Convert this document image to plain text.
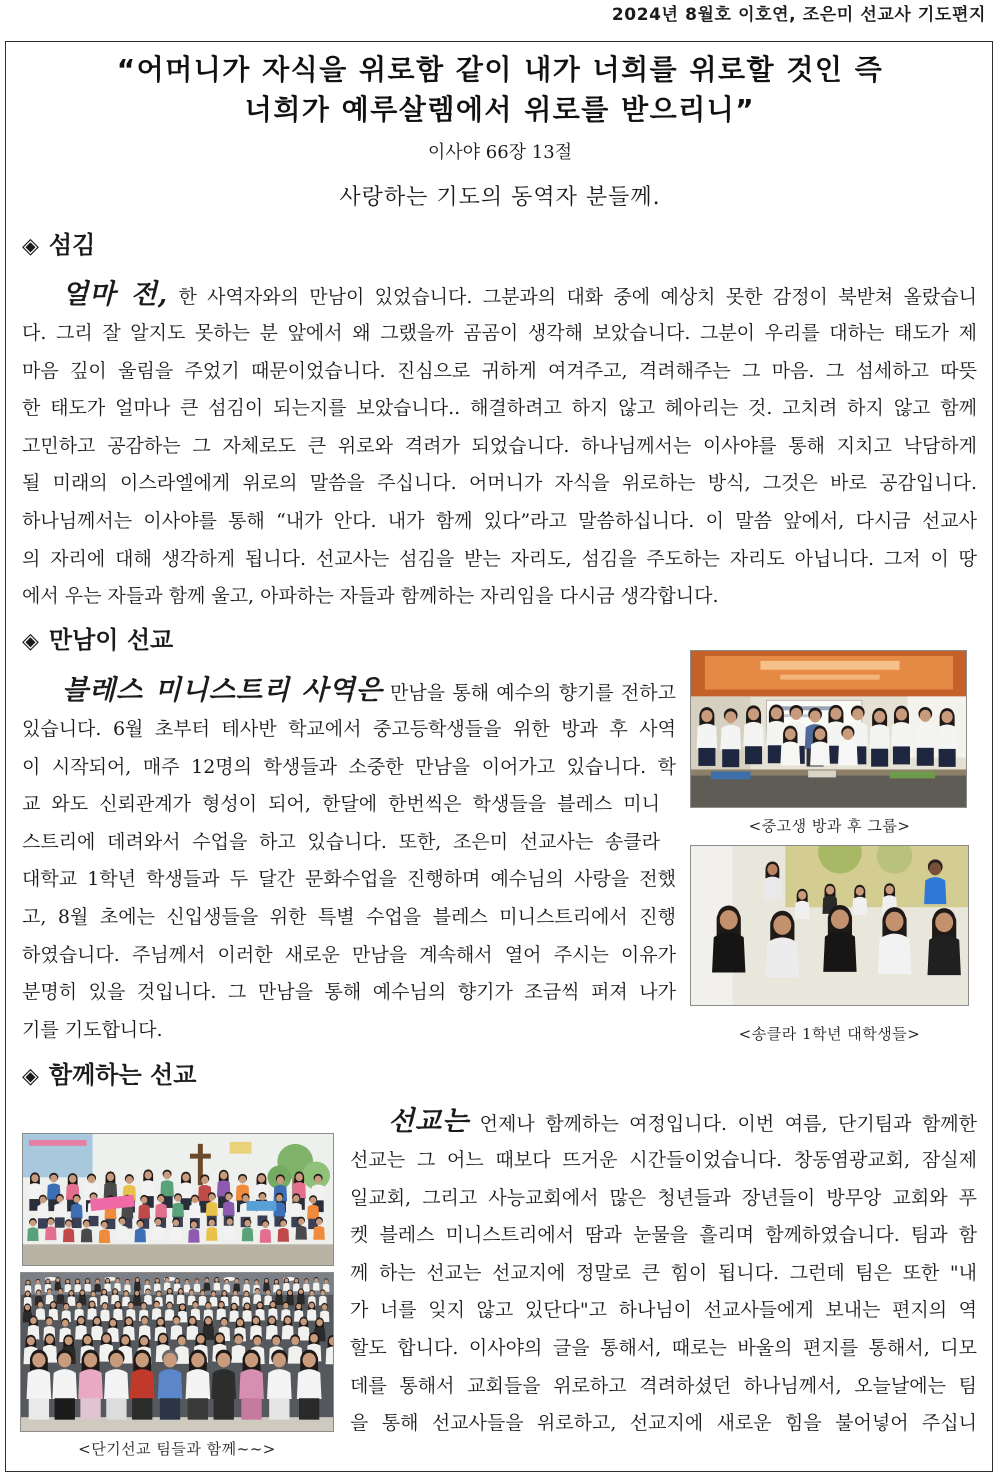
2024년 8월호 이호연, 조은미 선교사 기도편지
“어머니가 자식을 위로함 같이 내가 너희를 위로할 것인 즉
너희가 예루살렘에서 위로를 받으리니”
이사야 66장 13절
사랑하는 기도의 동역자 분들께.
◈ 섬김
얼마 전, 한 사역자와의 만남이 있었습니다. 그분과의 대화 중에 예상치 못한 감정이 북받쳐 올랐습니
다. 그리 잘 알지도 못하는 분 앞에서 왜 그랬을까 곰곰이 생각해 보았습니다. 그분이 우리를 대하는 태도가 제
마음 깊이 울림을 주었기 때문이었습니다. 진심으로 귀하게 여겨주고, 격려해주는 그 마음. 그 섬세하고 따뜻
한 태도가 얼마나 큰 섬김이 되는지를 보았습니다.. 해결하려고 하지 않고 헤아리는 것. 고치려 하지 않고 함께
고민하고 공감하는 그 자체로도 큰 위로와 격려가 되었습니다. 하나님께서는 이사야를 통해 지치고 낙담하게
될 미래의 이스라엘에게 위로의 말씀을 주십니다. 어머니가 자식을 위로하는 방식, 그것은 바로 공감입니다.
하나님께서는 이사야를 통해 “내가 안다. 내가 함께 있다”라고 말씀하십니다. 이 말씀 앞에서, 다시금 선교사
의 자리에 대해 생각하게 됩니다. 선교사는 섬김을 받는 자리도, 섬김을 주도하는 자리도 아닙니다. 그저 이 땅
에서 우는 자들과 함께 울고, 아파하는 자들과 함께하는 자리임을 다시금 생각합니다.
◈ 만남이 선교
블레스 미니스트리 사역은 만남을 통해 예수의 향기를 전하고
있습니다. 6월 초부터 테사반 학교에서 중고등학생들을 위한 방과 후 사역
이 시작되어, 매주 12명의 학생들과 소중한 만남을 이어가고 있습니다. 학
교 와도 신뢰관계가 형성이 되어, 한달에 한번씩은 학생들을 블레스 미니
스트리에 데려와서 수업을 하고 있습니다. 또한, 조은미 선교사는 송클라
대학교 1학년 학생들과 두 달간 문화수업을 진행하며 예수님의 사랑을 전했
고, 8월 초에는 신입생들을 위한 특별 수업을 블레스 미니스트리에서 진행
하였습니다. 주님께서 이러한 새로운 만남을 계속해서 열어 주시는 이유가
분명히 있을 것입니다. 그 만남을 통해 예수님의 향기가 조금씩 퍼져 나가
기를 기도합니다.
<중고생 방과 후 그룹>
<송클라 1학년 대학생들>
◈ 함께하는 선교
<단기선교 팀들과 함께~~>
선교는 언제나 함께하는 여정입니다. 이번 여름, 단기팀과 함께한
선교는 그 어느 때보다 뜨거운 시간들이었습니다. 창동염광교회, 잠실제
일교회, 그리고 사능교회에서 많은 청년들과 장년들이 방무앙 교회와 푸
켓 블레스 미니스트리에서 땀과 눈물을 흘리며 함께하였습니다. 팀과 함
께 하는 선교는 선교지에 정말로 큰 힘이 됩니다. 그런데 팀은 또한 "내
가 너를 잊지 않고 있단다"고 하나님이 선교사들에게 보내는 편지의 역
할도 합니다. 이사야의 글을 통해서, 때로는 바울의 편지를 통해서, 디모
데를 통해서 교회들을 위로하고 격려하셨던 하나님께서, 오늘날에는 팀
을 통해 선교사들을 위로하고, 선교지에 새로운 힘을 불어넣어 주십니
